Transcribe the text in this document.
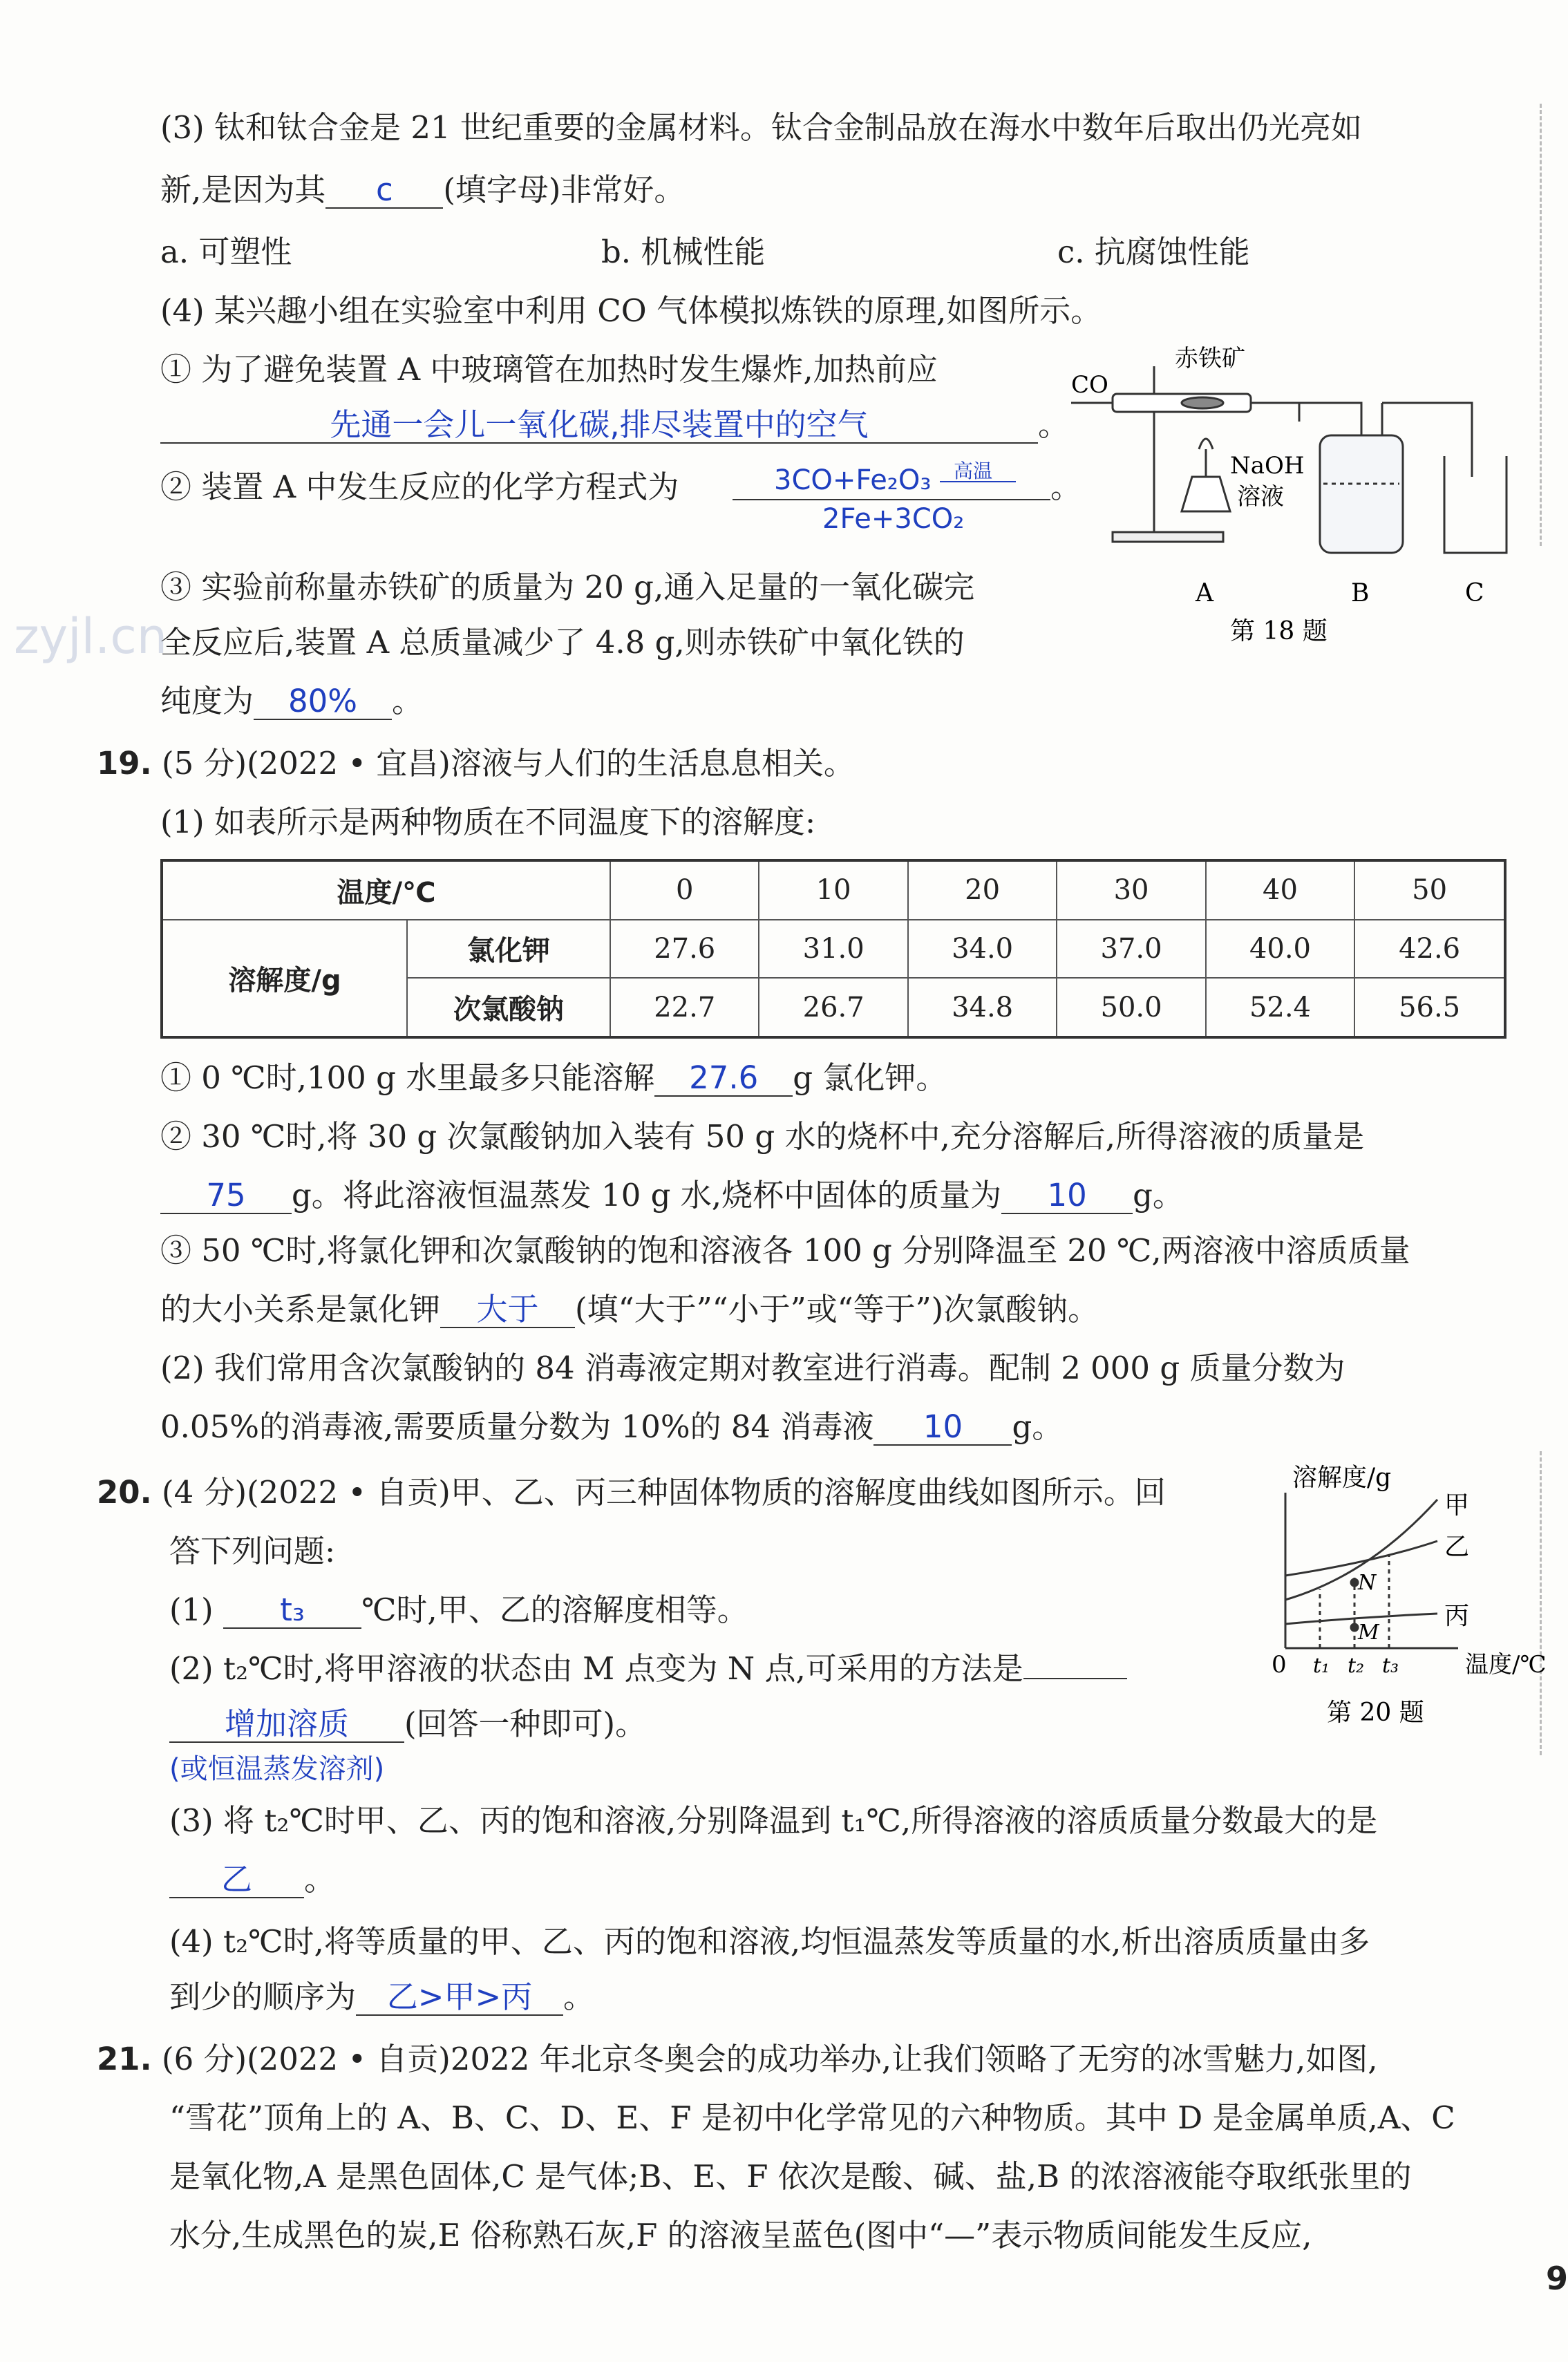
zyjl.cn
(3) 钛和钛合金是 21 世纪重要的金属材料。钛合金制品放在海水中数年后取出仍光亮如
新,是因为其 c (填字母)非常好。
a. 可塑性	b. 机械性能	c. 抗腐蚀性能
(4) 某兴趣小组在实验室中利用 CO 气体模拟炼铁的原理,如图所示。
① 为了避免装置 A 中玻璃管在加热时发生爆炸,加热前应
先通一会儿一氧化碳,排尽装置中的空气	。
② 装置 A 中发生反应的化学方程式为	3CO+Fe₂O₃ 高温
2Fe+3CO₂
。
③ 实验前称量赤铁矿的质量为 20 g,通入足量的一氧化碳完
全反应后,装置 A 总质量减少了 4.8 g,则赤铁矿中氧化铁的
纯度为 80% 。
CO
赤铁矿
NaOH
溶液
A	B	C
第 18 题
19. (5 分)(2022 • 宜昌)溶液与人们的生活息息相关。
(1) 如表所示是两种物质在不同温度下的溶解度:
温度/℃		0	10	20	30	40	50
溶解度/g	氯化钾	27.6	31.0	34.0	37.0	40.0	42.6
	次氯酸钠	22.7	26.7	34.8	50.0	52.4	56.5
① 0 ℃时,100 g 水里最多只能溶解 27.6 g 氯化钾。
② 30 ℃时,将 30 g 次氯酸钠加入装有 50 g 水的烧杯中,充分溶解后,所得溶液的质量是
75 g。将此溶液恒温蒸发 10 g 水,烧杯中固体的质量为 10 g。
③ 50 ℃时,将氯化钾和次氯酸钠的饱和溶液各 100 g 分别降温至 20 ℃,两溶液中溶质质量
的大小关系是氯化钾 大于 (填“大于”“小于”或“等于”)次氯酸钠。
(2) 我们常用含次氯酸钠的 84 消毒液定期对教室进行消毒。配制 2 000 g 质量分数为
0.05%的消毒液,需要质量分数为 10%的 84 消毒液 10 g。
20. (4 分)(2022 • 自贡)甲、乙、丙三种固体物质的溶解度曲线如图所示。回
答下列问题:
(1) t₃ ℃时,甲、乙的溶解度相等。
(2) t₂℃时,将甲溶液的状态由 M 点变为 N 点,可采用的方法是
增加溶质 (回答一种即可)。
(或恒温蒸发溶剂)
溶解度/g
温度/℃
0 t₁ t₂ t₃
甲
乙
丙
N
M
第 20 题
(3) 将 t₂℃时甲、乙、丙的饱和溶液,分别降温到 t₁℃,所得溶液的溶质质量分数最大的是
乙 。
(4) t₂℃时,将等质量的甲、乙、丙的饱和溶液,均恒温蒸发等质量的水,析出溶质质量由多
到少的顺序为 乙>甲>丙 。
21. (6 分)(2022 • 自贡)2022 年北京冬奥会的成功举办,让我们领略了无穷的冰雪魅力,如图,
“雪花”顶角上的 A、B、C、D、E、F 是初中化学常见的六种物质。其中 D 是金属单质,A、C
是氧化物,A 是黑色固体,C 是气体;B、E、F 依次是酸、碱、盐,B 的浓溶液能夺取纸张里的
水分,生成黑色的炭,E 俗称熟石灰,F 的溶液呈蓝色(图中“—”表示物质间能发生反应,
9
